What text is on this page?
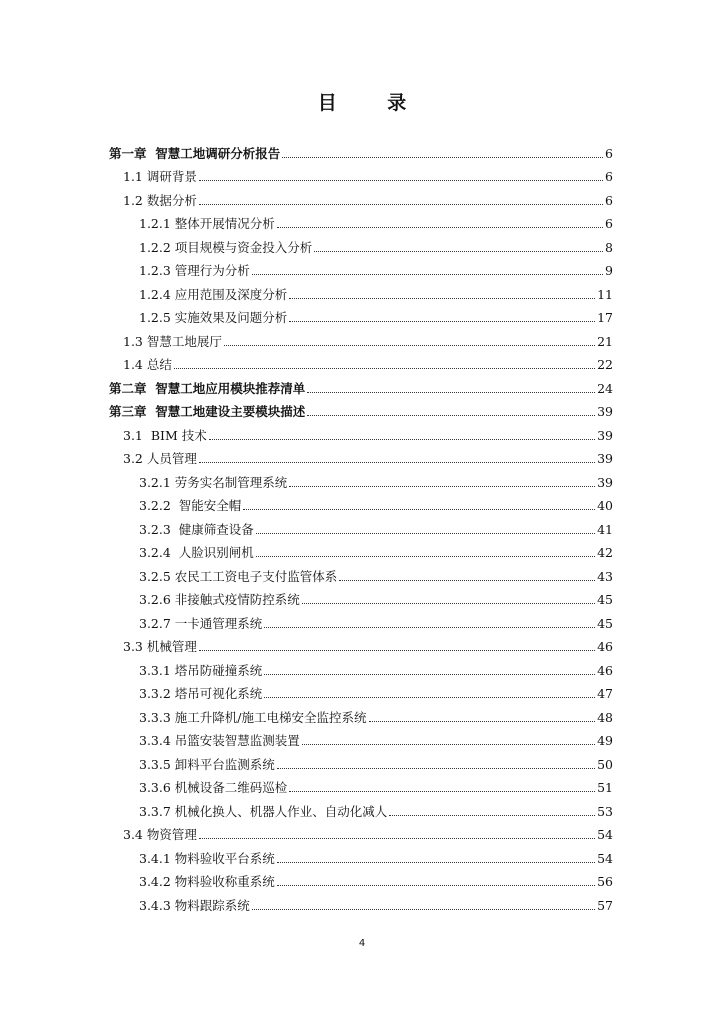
目 录
第一章  智慧工地调研分析报告	6
1.1 调研背景	6
1.2 数据分析	6
1.2.1 整体开展情况分析	6
1.2.2 项目规模与资金投入分析	8
1.2.3 管理行为分析	9
1.2.4 应用范围及深度分析	11
1.2.5 实施效果及问题分析	17
1.3 智慧工地展厅	21
1.4 总结	22
第二章  智慧工地应用模块推荐清单	24
第三章  智慧工地建设主要模块描述	39
3.1  BIM 技术	39
3.2 人员管理	39
3.2.1 劳务实名制管理系统	39
3.2.2  智能安全帽	40
3.2.3  健康筛查设备	41
3.2.4  人脸识别闸机	42
3.2.5 农民工工资电子支付监管体系	43
3.2.6 非接触式疫情防控系统	45
3.2.7 一卡通管理系统	45
3.3 机械管理	46
3.3.1 塔吊防碰撞系统	46
3.3.2 塔吊可视化系统	47
3.3.3 施工升降机/施工电梯安全监控系统	48
3.3.4 吊篮安装智慧监测装置	49
3.3.5 卸料平台监测系统	50
3.3.6 机械设备二维码巡检	51
3.3.7 机械化换人、机器人作业、自动化减人	53
3.4 物资管理	54
3.4.1 物料验收平台系统	54
3.4.2 物料验收称重系统	56
3.4.3 物料跟踪系统	57
4
